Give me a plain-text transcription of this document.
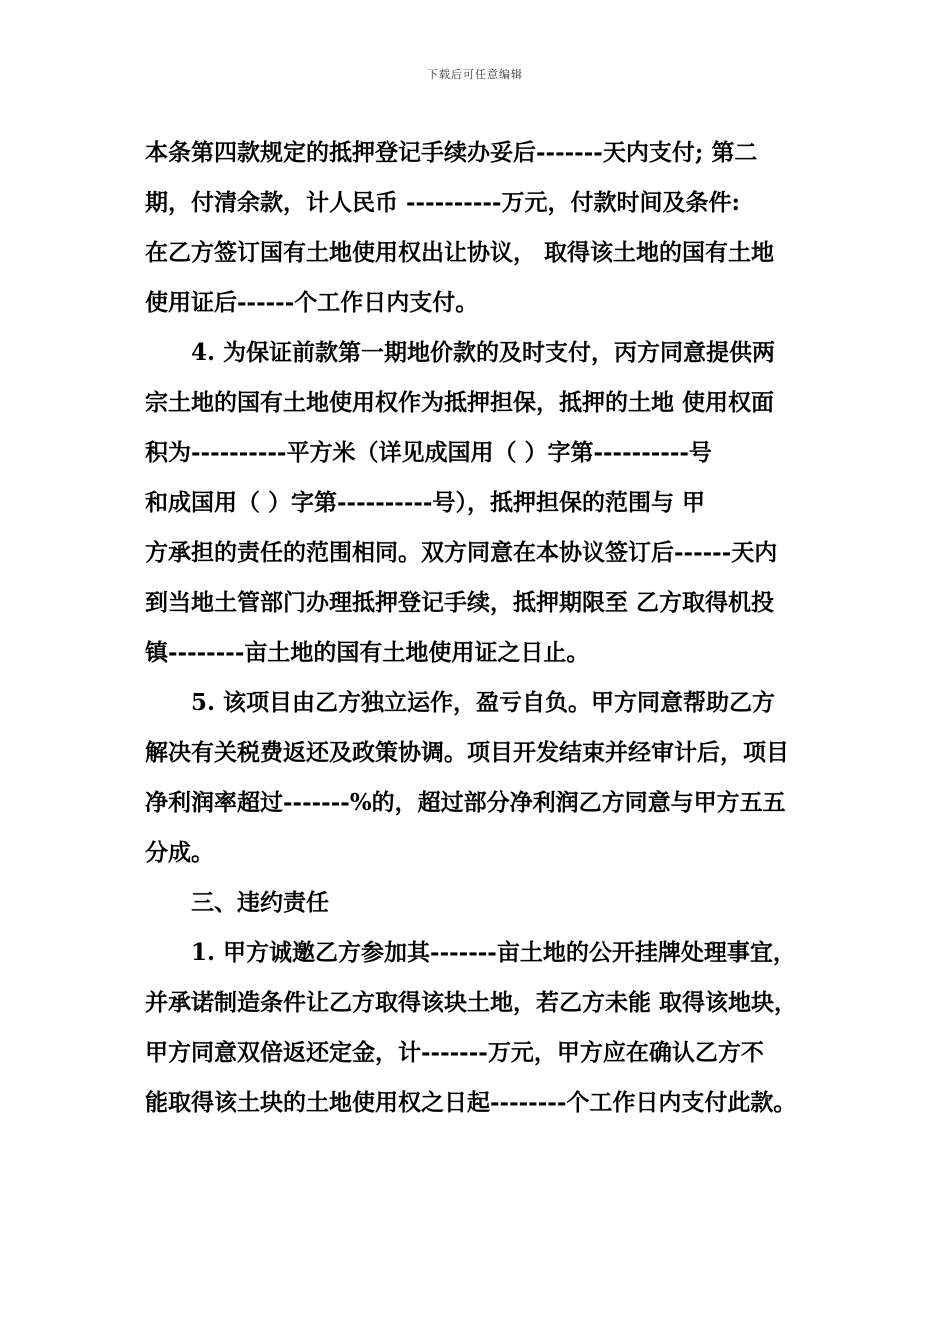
下载后可任意编辑
本条第四款规定的抵押登记手续办妥后-------天内支付; 第二
期，付清余款，计人民币 ----------万元，付款时间及条件:
在乙方签订国有土地使用权出让协议， 取得该土地的国有土地
使用证后------个工作日内支付。
4. 为保证前款第一期地价款的及时支付，丙方同意提供两
宗土地的国有土地使用权作为抵押担保，抵押的土地 使用权面
积为----------平方米（详见成国用（ ）字第----------号
和成国用（ ）字第----------号），抵押担保的范围与 甲
方承担的责任的范围相同。双方同意在本协议签订后------天内
到当地土管部门办理抵押登记手续，抵押期限至 乙方取得机投
镇--------亩土地的国有土地使用证之日止。
5. 该项目由乙方独立运作，盈亏自负。甲方同意帮助乙方
解决有关税费返还及政策协调。项目开发结束并经审计后，项目
净利润率超过-------%的，超过部分净利润乙方同意与甲方五五
分成。
三、违约责任
1. 甲方诚邀乙方参加其-------亩土地的公开挂牌处理事宜，
并承诺制造条件让乙方取得该块土地，若乙方未能 取得该地块，
甲方同意双倍返还定金，计-------万元，甲方应在确认乙方不
能取得该土块的土地使用权之日起--------个工作日内支付此款。
